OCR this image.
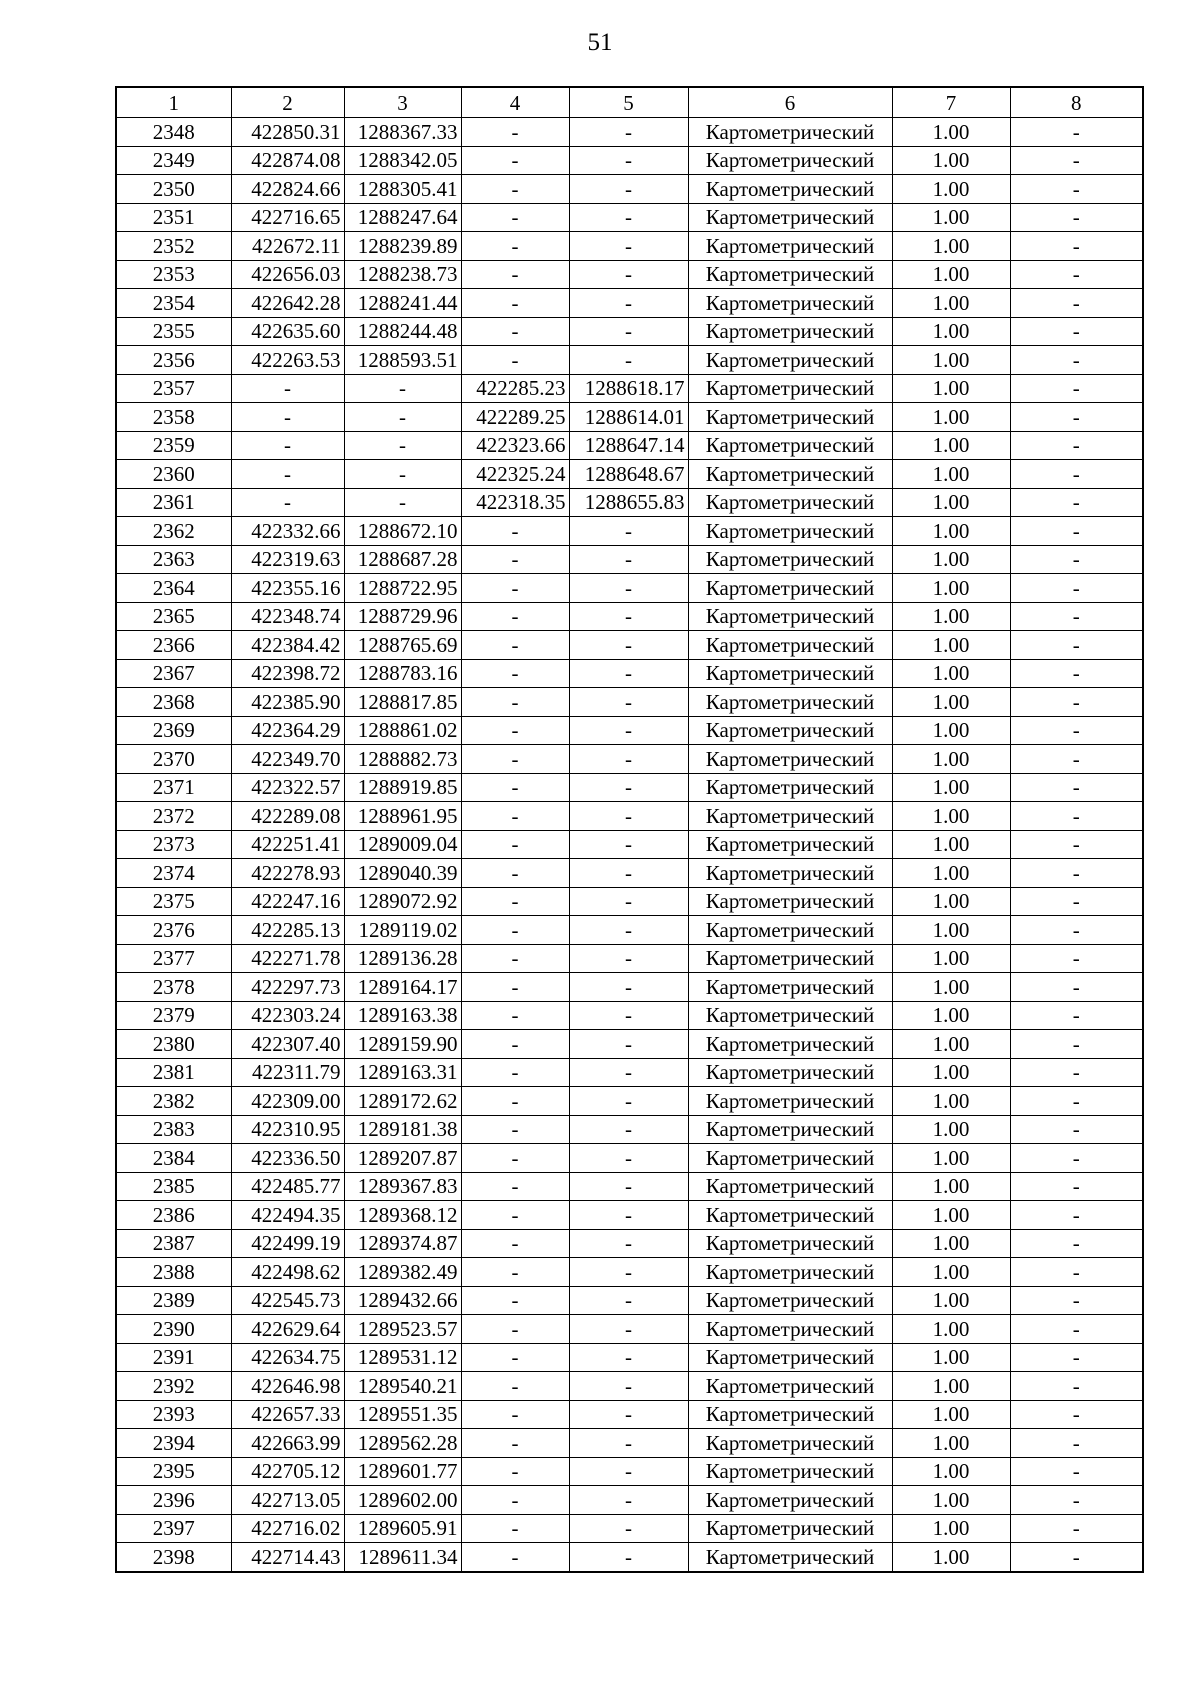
51
1	2	3	4	5	6	7	8
2348	422850.31	1288367.33	-	-	Картометрический	1.00	-
2349	422874.08	1288342.05	-	-	Картометрический	1.00	-
2350	422824.66	1288305.41	-	-	Картометрический	1.00	-
2351	422716.65	1288247.64	-	-	Картометрический	1.00	-
2352	422672.11	1288239.89	-	-	Картометрический	1.00	-
2353	422656.03	1288238.73	-	-	Картометрический	1.00	-
2354	422642.28	1288241.44	-	-	Картометрический	1.00	-
2355	422635.60	1288244.48	-	-	Картометрический	1.00	-
2356	422263.53	1288593.51	-	-	Картометрический	1.00	-
2357	-	-	422285.23	1288618.17	Картометрический	1.00	-
2358	-	-	422289.25	1288614.01	Картометрический	1.00	-
2359	-	-	422323.66	1288647.14	Картометрический	1.00	-
2360	-	-	422325.24	1288648.67	Картометрический	1.00	-
2361	-	-	422318.35	1288655.83	Картометрический	1.00	-
2362	422332.66	1288672.10	-	-	Картометрический	1.00	-
2363	422319.63	1288687.28	-	-	Картометрический	1.00	-
2364	422355.16	1288722.95	-	-	Картометрический	1.00	-
2365	422348.74	1288729.96	-	-	Картометрический	1.00	-
2366	422384.42	1288765.69	-	-	Картометрический	1.00	-
2367	422398.72	1288783.16	-	-	Картометрический	1.00	-
2368	422385.90	1288817.85	-	-	Картометрический	1.00	-
2369	422364.29	1288861.02	-	-	Картометрический	1.00	-
2370	422349.70	1288882.73	-	-	Картометрический	1.00	-
2371	422322.57	1288919.85	-	-	Картометрический	1.00	-
2372	422289.08	1288961.95	-	-	Картометрический	1.00	-
2373	422251.41	1289009.04	-	-	Картометрический	1.00	-
2374	422278.93	1289040.39	-	-	Картометрический	1.00	-
2375	422247.16	1289072.92	-	-	Картометрический	1.00	-
2376	422285.13	1289119.02	-	-	Картометрический	1.00	-
2377	422271.78	1289136.28	-	-	Картометрический	1.00	-
2378	422297.73	1289164.17	-	-	Картометрический	1.00	-
2379	422303.24	1289163.38	-	-	Картометрический	1.00	-
2380	422307.40	1289159.90	-	-	Картометрический	1.00	-
2381	422311.79	1289163.31	-	-	Картометрический	1.00	-
2382	422309.00	1289172.62	-	-	Картометрический	1.00	-
2383	422310.95	1289181.38	-	-	Картометрический	1.00	-
2384	422336.50	1289207.87	-	-	Картометрический	1.00	-
2385	422485.77	1289367.83	-	-	Картометрический	1.00	-
2386	422494.35	1289368.12	-	-	Картометрический	1.00	-
2387	422499.19	1289374.87	-	-	Картометрический	1.00	-
2388	422498.62	1289382.49	-	-	Картометрический	1.00	-
2389	422545.73	1289432.66	-	-	Картометрический	1.00	-
2390	422629.64	1289523.57	-	-	Картометрический	1.00	-
2391	422634.75	1289531.12	-	-	Картометрический	1.00	-
2392	422646.98	1289540.21	-	-	Картометрический	1.00	-
2393	422657.33	1289551.35	-	-	Картометрический	1.00	-
2394	422663.99	1289562.28	-	-	Картометрический	1.00	-
2395	422705.12	1289601.77	-	-	Картометрический	1.00	-
2396	422713.05	1289602.00	-	-	Картометрический	1.00	-
2397	422716.02	1289605.91	-	-	Картометрический	1.00	-
2398	422714.43	1289611.34	-	-	Картометрический	1.00	-
